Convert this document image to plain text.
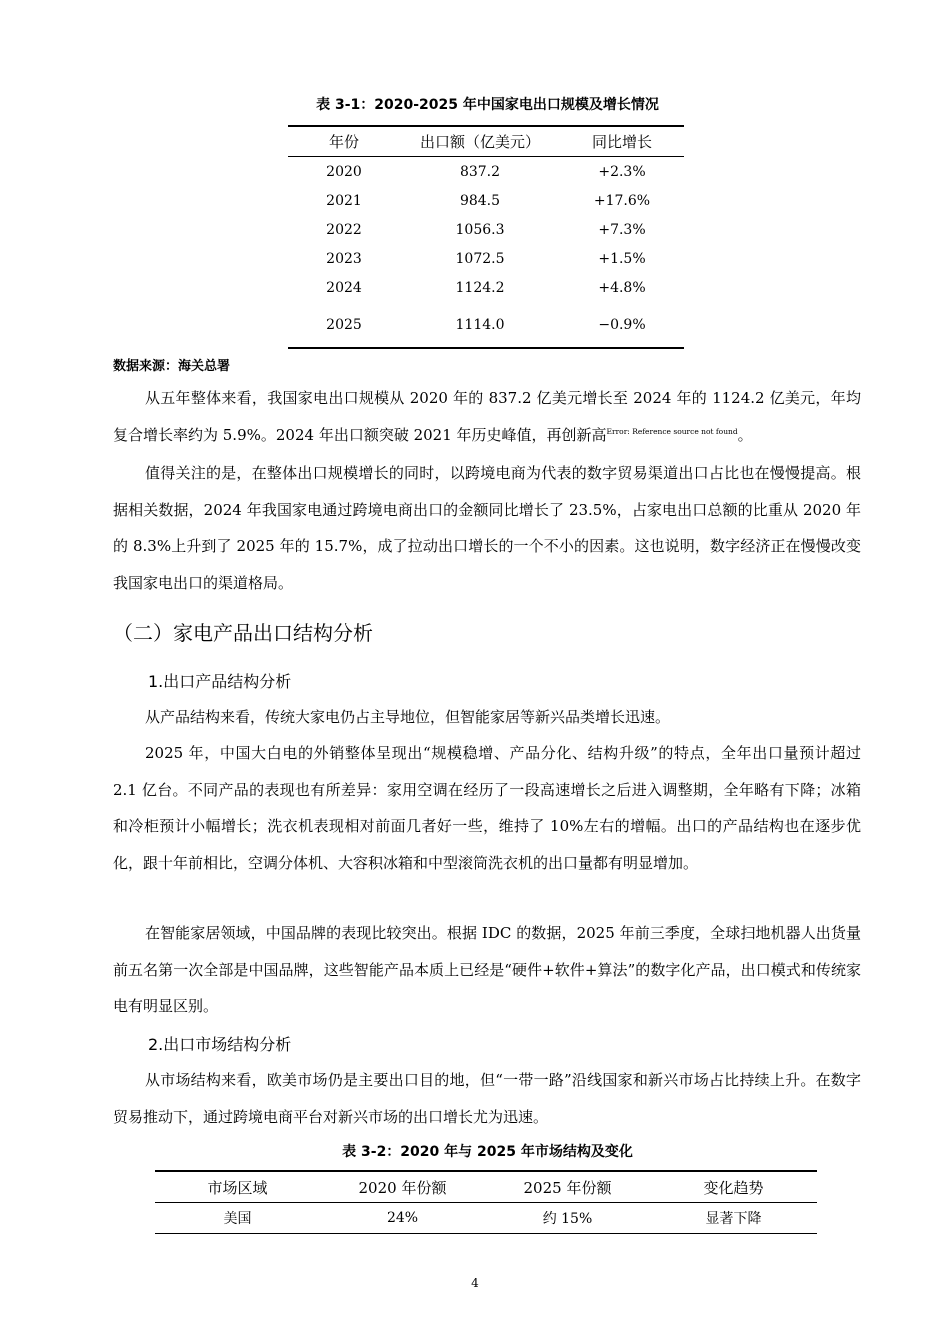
表 3-1：2020-2025 年中国家电出口规模及增长情况
年份	出口额（亿美元）	同比增长
2020	837.2	+2.3%
2021	984.5	+17.6%
2022	1056.3	+7.3%
2023	1072.5	+1.5%
2024	1124.2	+4.8%
2025	1114.0	−0.9%
数据来源：海关总署

从五年整体来看，我国家电出口规模从 2020 年的 837.2 亿美元增长至 2024 年的 1124.2 亿美元，年均复合增长率约为 5.9%。2024 年出口额突破 2021 年历史峰值，再创新高$^{Error: Reference source not found}$。

值得关注的是，在整体出口规模增长的同时，以跨境电商为代表的数字贸易渠道出口占比也在慢慢提高。根据相关数据，2024 年我国家电通过跨境电商出口的金额同比增长了 23.5%，占家电出口总额的比重从 2020 年的 8.3%上升到了 2025 年的 15.7%，成了拉动出口增长的一个不小的因素。这也说明，数字经济正在慢慢改变我国家电出口的渠道格局。

（二）家电产品出口结构分析
1.出口产品结构分析

从产品结构来看，传统大家电仍占主导地位，但智能家居等新兴品类增长迅速。

2025 年，中国大白电的外销整体呈现出“规模稳增、产品分化、结构升级”的特点，全年出口量预计超过 2.1 亿台。不同产品的表现也有所差异：家用空调在经历了一段高速增长之后进入调整期，全年略有下降；冰箱和冷柜预计小幅增长；洗衣机表现相对前面几者好一些，维持了 10%左右的增幅。出口的产品结构也在逐步优化，跟十年前相比，空调分体机、大容积冰箱和中型滚筒洗衣机的出口量都有明显增加。

在智能家居领域，中国品牌的表现比较突出。根据 IDC 的数据，2025 年前三季度，全球扫地机器人出货量前五名第一次全部是中国品牌，这些智能产品本质上已经是“硬件+软件+算法”的数字化产品，出口模式和传统家电有明显区别。

2.出口市场结构分析

从市场结构来看，欧美市场仍是主要出口目的地，但“一带一路”沿线国家和新兴市场占比持续上升。在数字贸易推动下，通过跨境电商平台对新兴市场的出口增长尤为迅速。

表 3-2：2020 年与 2025 年市场结构及变化
市场区域	2020 年份额	2025 年份额	变化趋势
美国	24%	约 15%	显著下降
4
